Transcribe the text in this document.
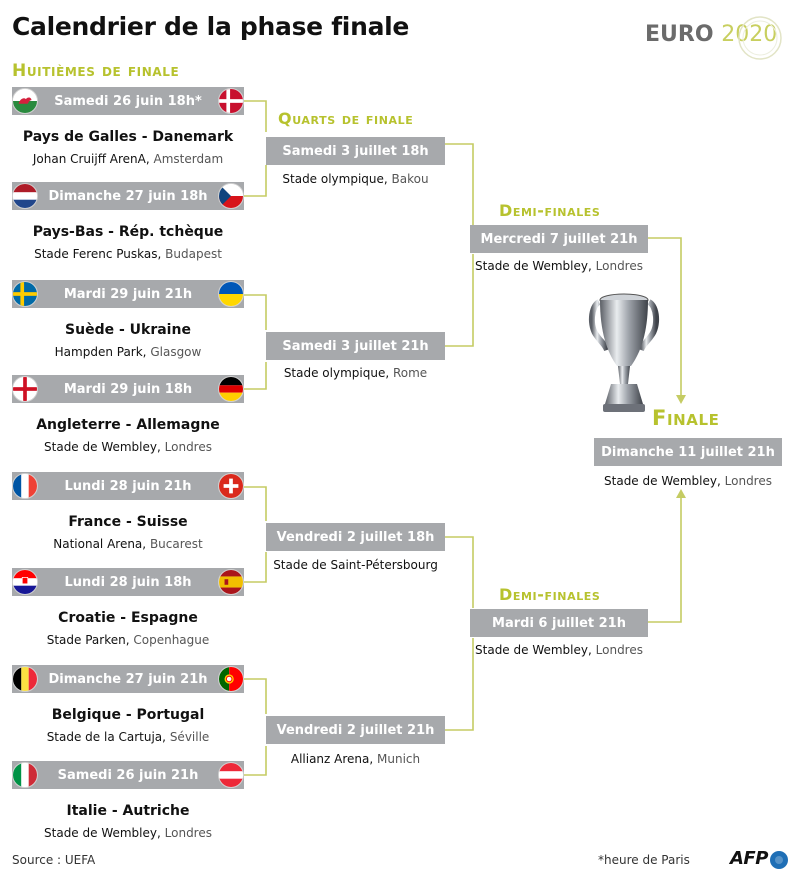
Calendrier de la phase finale	EURO 2020
Huitièmes de finale
Quarts de finale
Demi-finales
Demi-finales
Finale
Samedi 26 juin 18h*
Pays de Galles - Danemark
Johan Cruijff ArenA, Amsterdam
Dimanche 27 juin 18h
Pays-Bas - Rép. tchèque
Stade Ferenc Puskas, Budapest
Mardi 29 juin 21h
Suède - Ukraine
Hampden Park, Glasgow
Mardi 29 juin 18h
Angleterre - Allemagne
Stade de Wembley, Londres
Lundi 28 juin 21h
France - Suisse
National Arena, Bucarest
Lundi 28 juin 18h
Croatie - Espagne
Stade Parken, Copenhague
Dimanche 27 juin 21h
Belgique - Portugal
Stade de la Cartuja, Séville
Samedi 26 juin 21h
Italie - Autriche
Stade de Wembley, Londres
Samedi 3 juillet 18h
Stade olympique, Bakou
Samedi 3 juillet 21h
Stade olympique, Rome
Vendredi 2 juillet 18h
Stade de Saint-Pétersbourg
Vendredi 2 juillet 21h
Allianz Arena, Munich
Mercredi 7 juillet 21h
Stade de Wembley, Londres
Mardi 6 juillet 21h
Stade de Wembley, Londres
Dimanche 11 juillet 21h
Stade de Wembley, Londres
Source : UEFA	*heure de Paris AFP
